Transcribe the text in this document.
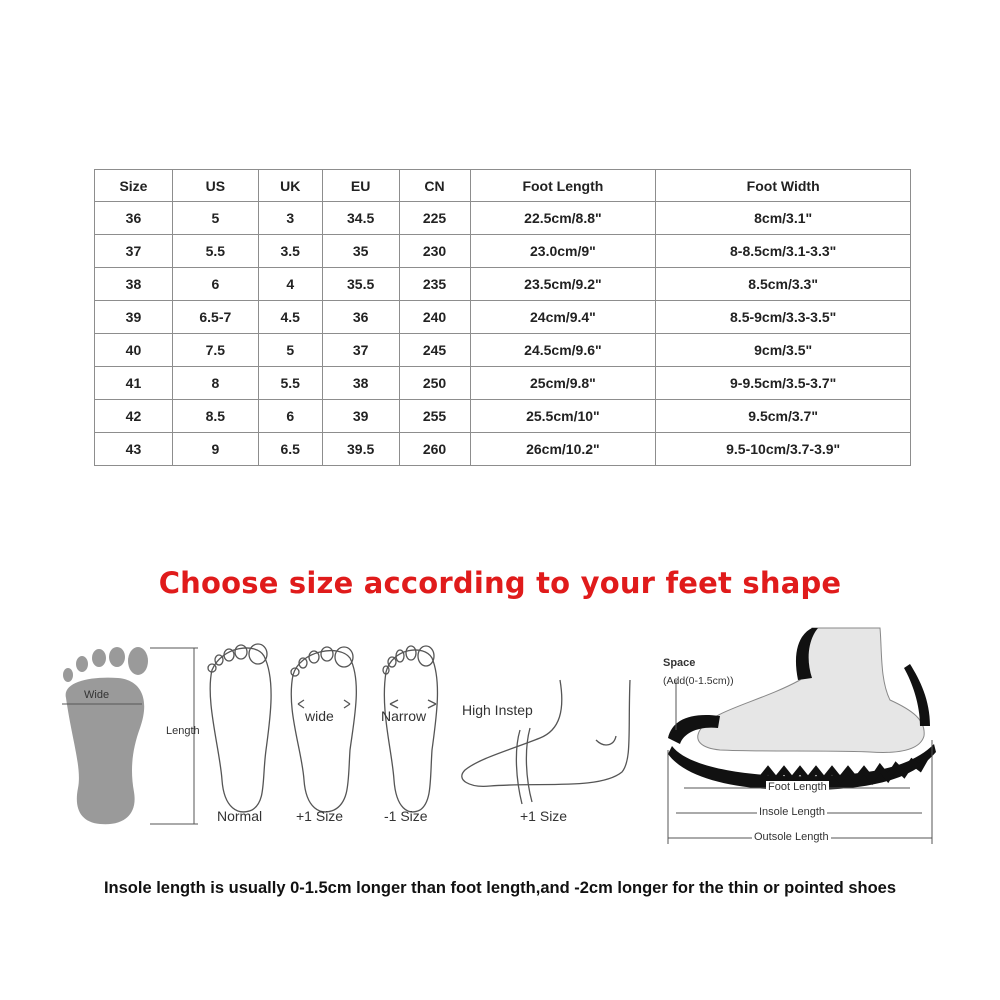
Size	US	UK	EU	CN	Foot Length	Foot Width
36	5	3	34.5	225	22.5cm/8.8"	8cm/3.1"
37	5.5	3.5	35	230	23.0cm/9"	8-8.5cm/3.1-3.3"
38	6	4	35.5	235	23.5cm/9.2"	8.5cm/3.3"
39	6.5-7	4.5	36	240	24cm/9.4"	8.5-9cm/3.3-3.5"
40	7.5	5	37	245	24.5cm/9.6"	9cm/3.5"
41	8	5.5	38	250	25cm/9.8"	9-9.5cm/3.5-3.7"
42	8.5	6	39	255	25.5cm/10"	9.5cm/3.7"
43	9	6.5	39.5	260	26cm/10.2"	9.5-10cm/3.7-3.9"
Choose size according to your feet shape
Wide
Length
Normal
wide
+1 Size
Narrow
-1 Size
High Instep
+1 Size
Space
(Add(0-1.5cm))
Foot Length
Insole Length
Outsole Length
Insole length is usually 0-1.5cm longer than foot length,and -2cm longer for the thin or pointed shoes
